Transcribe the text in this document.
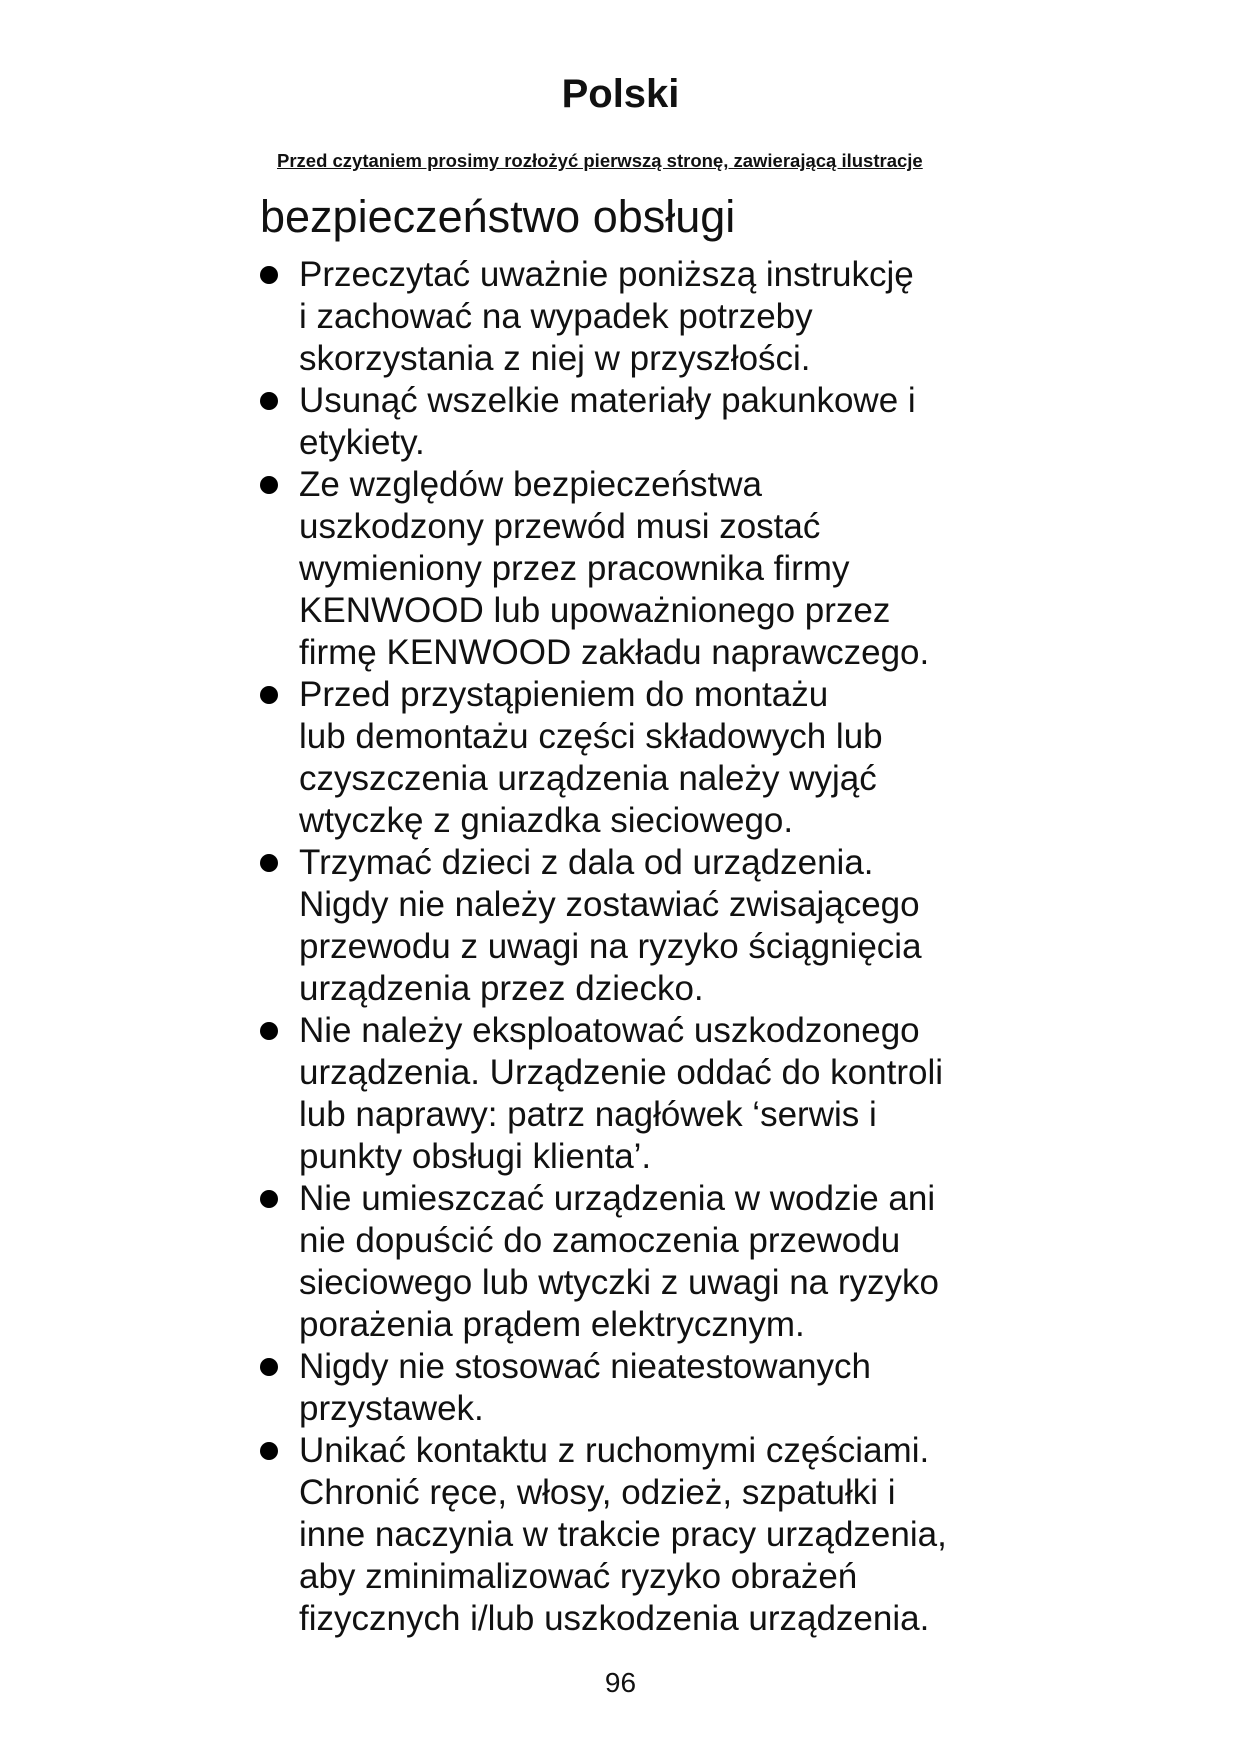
Polski

Przed czytaniem prosimy rozłożyć pierwszą stronę, zawierającą ilustracje

bezpieczeństwo obsługi
Przeczytać uważnie poniższą instrukcję
i zachować na wypadek potrzeby
skorzystania z niej w przyszłości.
Usunąć wszelkie materiały pakunkowe i
etykiety.
Ze względów bezpieczeństwa
uszkodzony przewód musi zostać
wymieniony przez pracownika firmy
KENWOOD lub upoważnionego przez
firmę KENWOOD zakładu naprawczego.
Przed przystąpieniem do montażu
lub demontażu części składowych lub
czyszczenia urządzenia należy wyjąć
wtyczkę z gniazdka sieciowego.
Trzymać dzieci z dala od urządzenia.
Nigdy nie należy zostawiać zwisającego
przewodu z uwagi na ryzyko ściągnięcia
urządzenia przez dziecko.
Nie należy eksploatować uszkodzonego
urządzenia. Urządzenie oddać do kontroli
lub naprawy: patrz nagłówek ‘serwis i
punkty obsługi klienta’.
Nie umieszczać urządzenia w wodzie ani
nie dopuścić do zamoczenia przewodu
sieciowego lub wtyczki z uwagi na ryzyko
porażenia prądem elektrycznym.
Nigdy nie stosować nieatestowanych
przystawek.
Unikać kontaktu z ruchomymi częściami.
Chronić ręce, włosy, odzież, szpatułki i
inne naczynia w trakcie pracy urządzenia,
aby zminimalizować ryzyko obrażeń
fizycznych i/lub uszkodzenia urządzenia.

96
